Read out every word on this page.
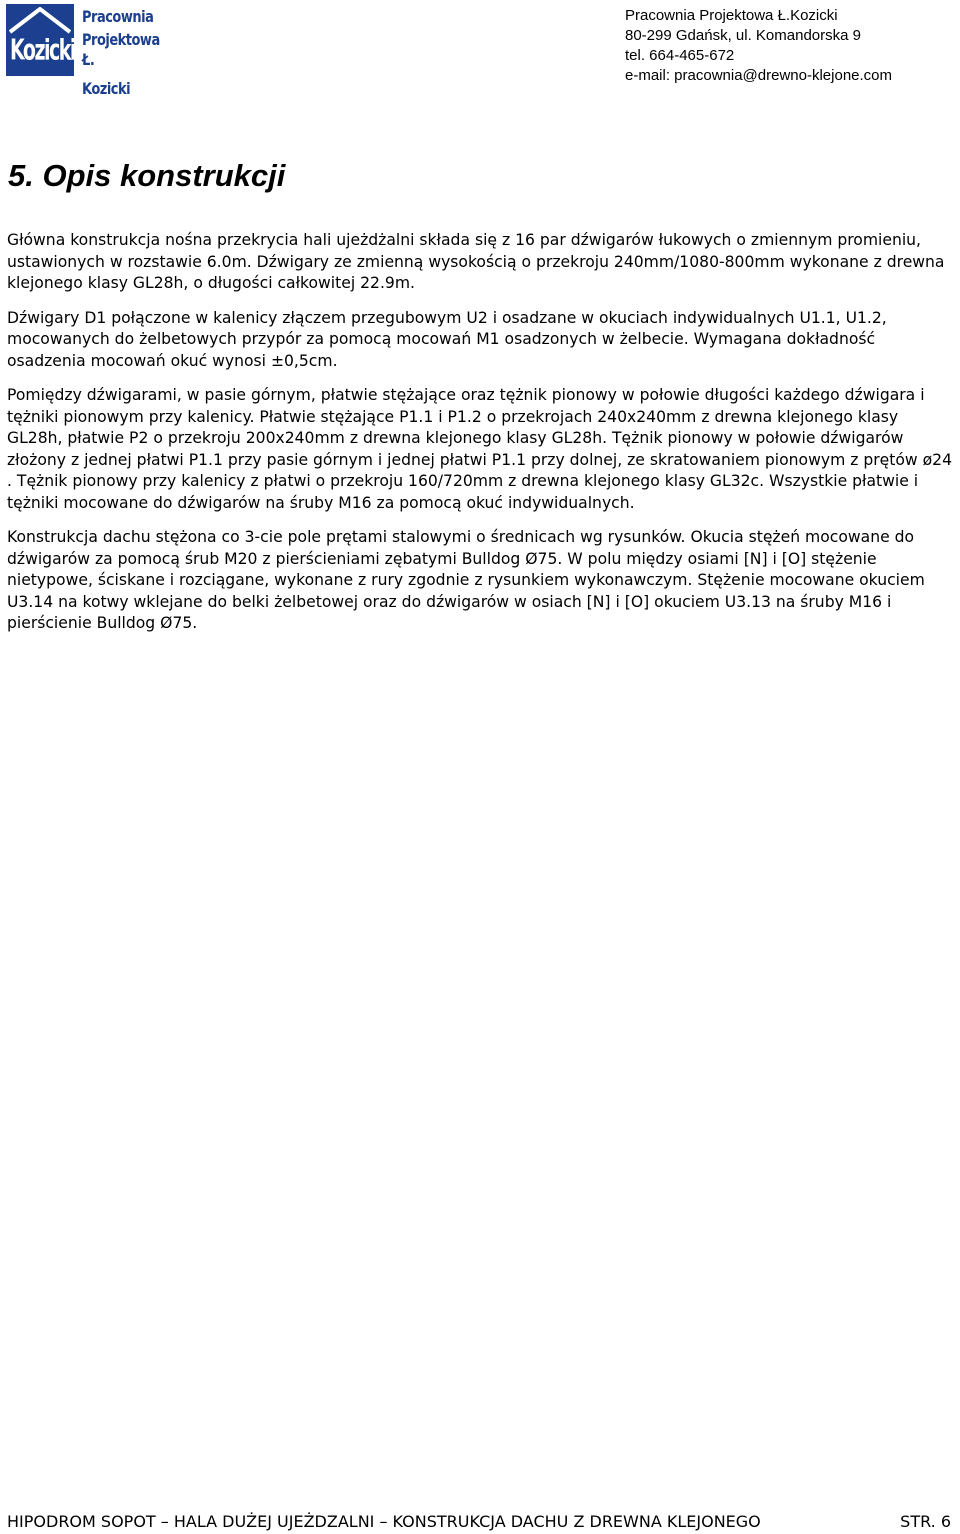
Kozicki
Pracownia
Projektowa
Ł. Kozicki
Pracownia Projektowa Ł.Kozicki
80-299 Gdańsk, ul. Komandorska 9
tel. 664-465-672
e-mail: pracownia@drewno-klejone.com
5. Opis konstrukcji

Główna konstrukcja nośna przekrycia hali ujeżdżalni składa się z 16 par dźwigarów łukowych o zmiennym promieniu, ustawionych w rozstawie 6.0m. Dźwigary ze zmienną wysokością o przekroju 240mm/1080-800mm wykonane z drewna klejonego klasy GL28h, o długości całkowitej 22.9m.

Dźwigary D1 połączone w kalenicy złączem przegubowym U2 i osadzane w okuciach indywidualnych U1.1, U1.2, mocowanych do żelbetowych przypór za pomocą mocowań M1 osadzonych w żelbecie. Wymagana dokładność osadzenia mocowań okuć wynosi ±0,5cm.

Pomiędzy dźwigarami, w pasie górnym, płatwie stężające oraz tężnik pionowy w połowie długości każdego dźwigara i tężniki pionowym przy kalenicy. Płatwie stężające P1.1 i P1.2 o przekrojach 240x240mm z drewna klejonego klasy GL28h, płatwie P2 o przekroju 200x240mm z drewna klejonego klasy GL28h. Tężnik pionowy w połowie dźwigarów złożony z jednej płatwi P1.1 przy pasie górnym i jednej płatwi P1.1 przy dolnej, ze skratowaniem pionowym z prętów ø24 . Tężnik pionowy przy kalenicy z płatwi o przekroju 160/720mm z drewna klejonego klasy GL32c. Wszystkie płatwie i tężniki mocowane do dźwigarów na śruby M16 za pomocą okuć indywidualnych.

Konstrukcja dachu stężona co 3-cie pole prętami stalowymi o średnicach wg rysunków. Okucia stężeń mocowane do dźwigarów za pomocą śrub M20 z pierścieniami zębatymi Bulldog Ø75. W polu między osiami [N] i [O] stężenie nietypowe, ściskane i rozciągane, wykonane z rury zgodnie z rysunkiem wykonawczym. Stężenie mocowane okuciem U3.14 na kotwy wklejane do belki żelbetowej oraz do dźwigarów w osiach [N] i [O] okuciem U3.13 na śruby M16 i pierścienie Bulldog Ø75.

HIPODROM SOPOT – HALA DUŻEJ UJEŻDZALNI – KONSTRUKCJA DACHU Z DREWNA KLEJONEGO	STR. 6
